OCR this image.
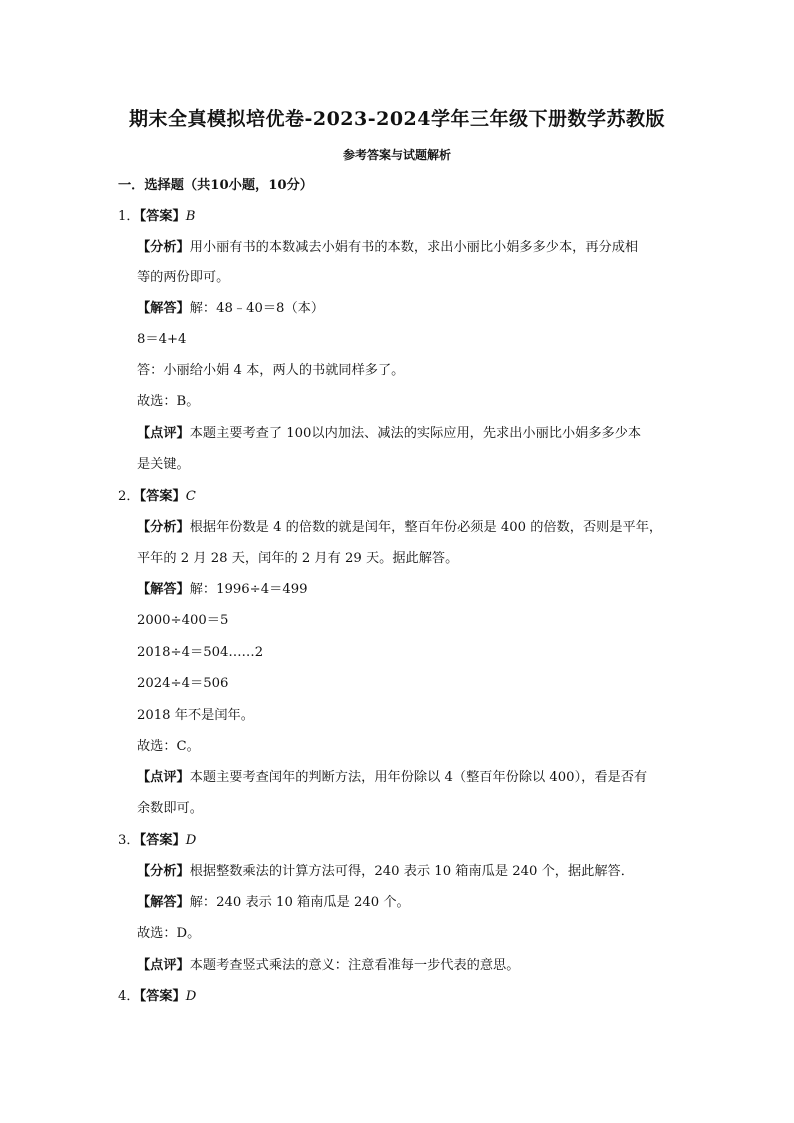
期末全真模拟培优卷-2023-2024学年三年级下册数学苏教版
参考答案与试题解析
一．选择题（共10小题，10分）
1．【答案】B
【分析】用小丽有书的本数减去小娟有书的本数，求出小丽比小娟多多少本，再分成相
等的两份即可。
【解答】解：48﹣40＝8（本）
8＝4+4
答：小丽给小娟 4 本，两人的书就同样多了。
故选：B。
【点评】本题主要考查了 100以内加法、减法的实际应用，先求出小丽比小娟多多少本
是关键。
2．【答案】C
【分析】根据年份数是 4 的倍数的就是闰年，整百年份必须是 400 的倍数，否则是平年，
平年的 2 月 28 天，闰年的 2 月有 29 天。据此解答。
【解答】解：1996÷4＝499
2000÷400＝5
2018÷4＝504……2
2024÷4＝506
2018 年不是闰年。
故选：C。
【点评】本题主要考查闰年的判断方法，用年份除以 4（整百年份除以 400），看是否有
余数即可。
3．【答案】D
【分析】根据整数乘法的计算方法可得，240 表示 10 箱南瓜是 240 个，据此解答．
【解答】解：240 表示 10 箱南瓜是 240 个。
故选：D。
【点评】本题考查竖式乘法的意义：注意看准每一步代表的意思。
4．【答案】D
